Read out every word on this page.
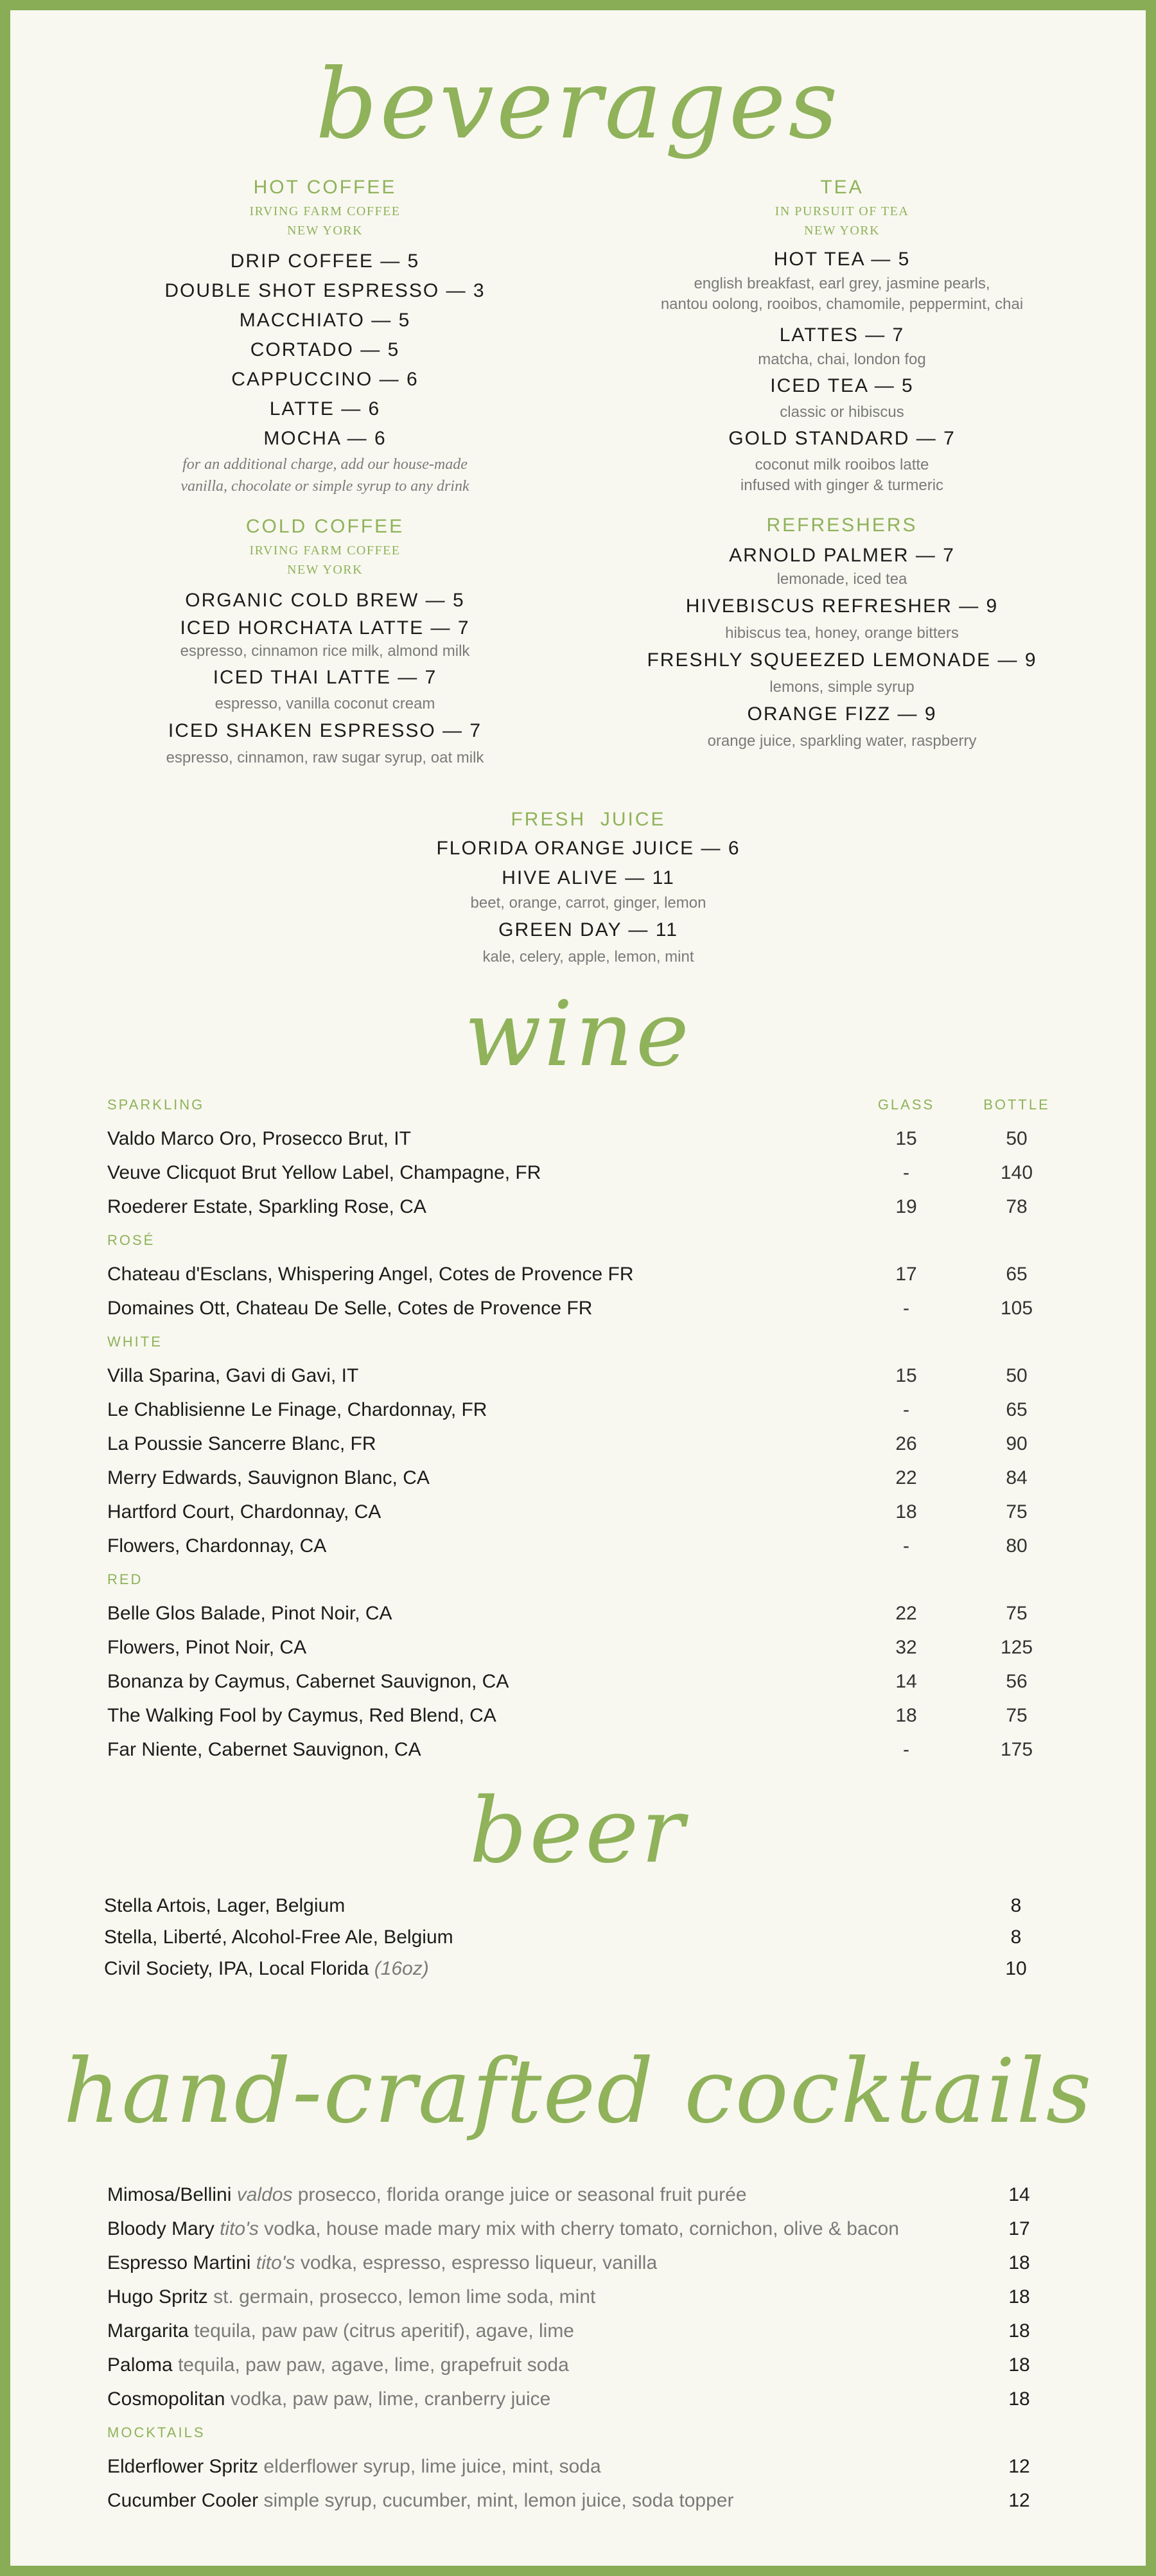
beverages
HOT COFFEE
IRVING FARM COFFEE
NEW YORK
DRIP COFFEE — 5
DOUBLE SHOT ESPRESSO — 3
MACCHIATO — 5
CORTADO — 5
CAPPUCCINO — 6
LATTE — 6
MOCHA — 6
for an additional charge, add our house-made
vanilla, chocolate or simple syrup to any drink
COLD COFFEE
IRVING FARM COFFEE
NEW YORK
ORGANIC COLD BREW — 5
ICED HORCHATA LATTE — 7
espresso, cinnamon rice milk, almond milk
ICED THAI LATTE — 7
espresso, vanilla coconut cream
ICED SHAKEN ESPRESSO — 7
espresso, cinnamon, raw sugar syrup, oat milk
TEA
IN PURSUIT OF TEA
NEW YORK
HOT TEA — 5
english breakfast, earl grey, jasmine pearls,
nantou oolong, rooibos, chamomile, peppermint, chai
LATTES — 7
matcha, chai, london fog
ICED TEA — 5
classic or hibiscus
GOLD STANDARD — 7
coconut milk rooibos latte
infused with ginger & turmeric
REFRESHERS
ARNOLD PALMER — 7
lemonade, iced tea
HIVEBISCUS REFRESHER — 9
hibiscus tea, honey, orange bitters
FRESHLY SQUEEZED LEMONADE — 9
lemons, simple syrup
ORANGE FIZZ — 9
orange juice, sparkling water, raspberry
FRESH  JUICE
FLORIDA ORANGE JUICE — 6
HIVE ALIVE — 11
beet, orange, carrot, ginger, lemon
GREEN DAY — 11
kale, celery, apple, lemon, mint
wine
SPARKLING	GLASS	BOTTLE
Valdo Marco Oro, Prosecco Brut, IT	15	50
Veuve Clicquot Brut Yellow Label, Champagne, FR	-	140
Roederer Estate, Sparkling Rose, CA	19	78
ROSÉ
Chateau d'Esclans, Whispering Angel, Cotes de Provence FR	17	65
Domaines Ott, Chateau De Selle, Cotes de Provence FR	-	105
WHITE
Villa Sparina, Gavi di Gavi, IT	15	50
Le Chablisienne Le Finage, Chardonnay, FR	-	65
La Poussie Sancerre Blanc, FR	26	90
Merry Edwards, Sauvignon Blanc, CA	22	84
Hartford Court, Chardonnay, CA	18	75
Flowers, Chardonnay, CA	-	80
RED
Belle Glos Balade, Pinot Noir, CA	22	75
Flowers, Pinot Noir, CA	32	125
Bonanza by Caymus, Cabernet Sauvignon, CA	14	56
The Walking Fool by Caymus, Red Blend, CA	18	75
Far Niente, Cabernet Sauvignon, CA	-	175
beer
Stella Artois, Lager, Belgium	8
Stella, Liberté, Alcohol-Free Ale, Belgium	8
Civil Society, IPA, Local Florida (16oz)	10
hand-crafted cocktails
Mimosa/Bellini valdos prosecco, florida orange juice or seasonal fruit purée	14
Bloody Mary tito's vodka, house made mary mix with cherry tomato, cornichon, olive & bacon	17
Espresso Martini tito's vodka, espresso, espresso liqueur, vanilla	18
Hugo Spritz st. germain, prosecco, lemon lime soda, mint	18
Margarita tequila, paw paw (citrus aperitif), agave, lime	18
Paloma tequila, paw paw, agave, lime, grapefruit soda	18
Cosmopolitan vodka, paw paw, lime, cranberry juice	18
MOCKTAILS
Elderflower Spritz elderflower syrup, lime juice, mint, soda	12
Cucumber Cooler simple syrup, cucumber, mint, lemon juice, soda topper	12
